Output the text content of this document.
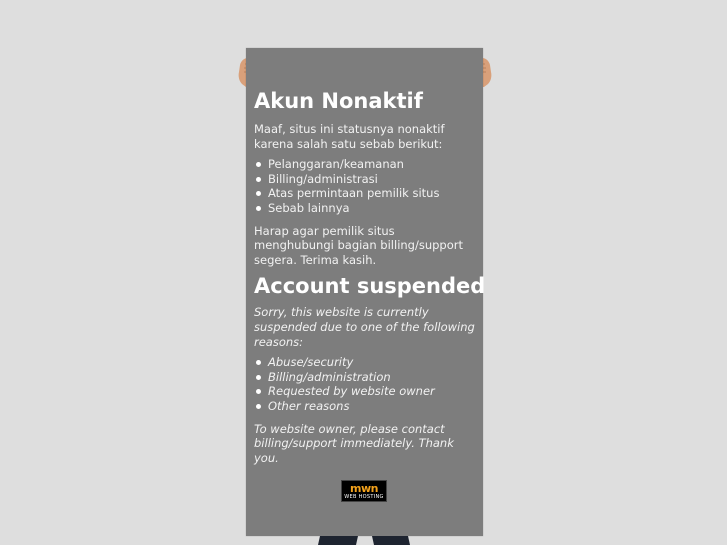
Akun Nonaktif

Maaf, situs ini statusnya nonaktif karena salah satu sebab berikut:

Pelanggaran/keamanan
Billing/administrasi
Atas permintaan pemilik situs
Sebab lainnya

Harap agar pemilik situs menghubungi bagian billing/support segera. Terima kasih.

Account suspended

Sorry, this website is currently suspended due to one of the following reasons:

Abuse/security
Billing/administration
Requested by website owner
Other reasons

To website owner, please contact billing/support immediately. Thank you.

mwn
WEB HOSTING
